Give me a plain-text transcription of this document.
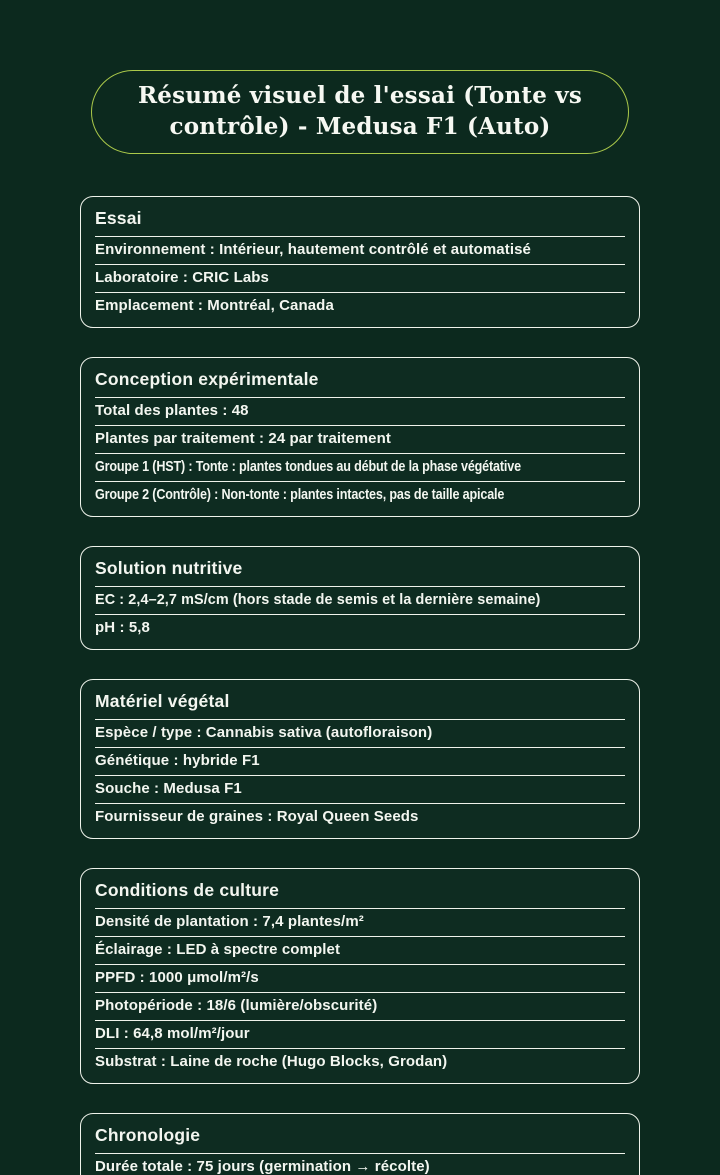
Résumé visuel de l'essai (Tonte vs
contrôle) - Medusa F1 (Auto)
Essai
Environnement : Intérieur, hautement contrôlé et automatisé
Laboratoire : CRIC Labs
Emplacement : Montréal, Canada
Conception expérimentale
Total des plantes : 48
Plantes par traitement : 24 par traitement
Groupe 1 (HST) : Tonte : plantes tondues au début de la phase végétative
Groupe 2 (Contrôle) : Non-tonte : plantes intactes, pas de taille apicale
Solution nutritive
EC : 2,4–2,7 mS/cm (hors stade de semis et la dernière semaine)
pH : 5,8
Matériel végétal
Espèce / type : Cannabis sativa (autofloraison)
Génétique : hybride F1
Souche : Medusa F1
Fournisseur de graines : Royal Queen Seeds
Conditions de culture
Densité de plantation : 7,4 plantes/m²
Éclairage : LED à spectre complet
PPFD : 1000 μmol/m²/s
Photopériode : 18/6 (lumière/obscurité)
DLI : 64,8 mol/m²/jour
Substrat : Laine de roche (Hugo Blocks, Grodan)
Chronologie
Durée totale : 75 jours (germination → récolte)
